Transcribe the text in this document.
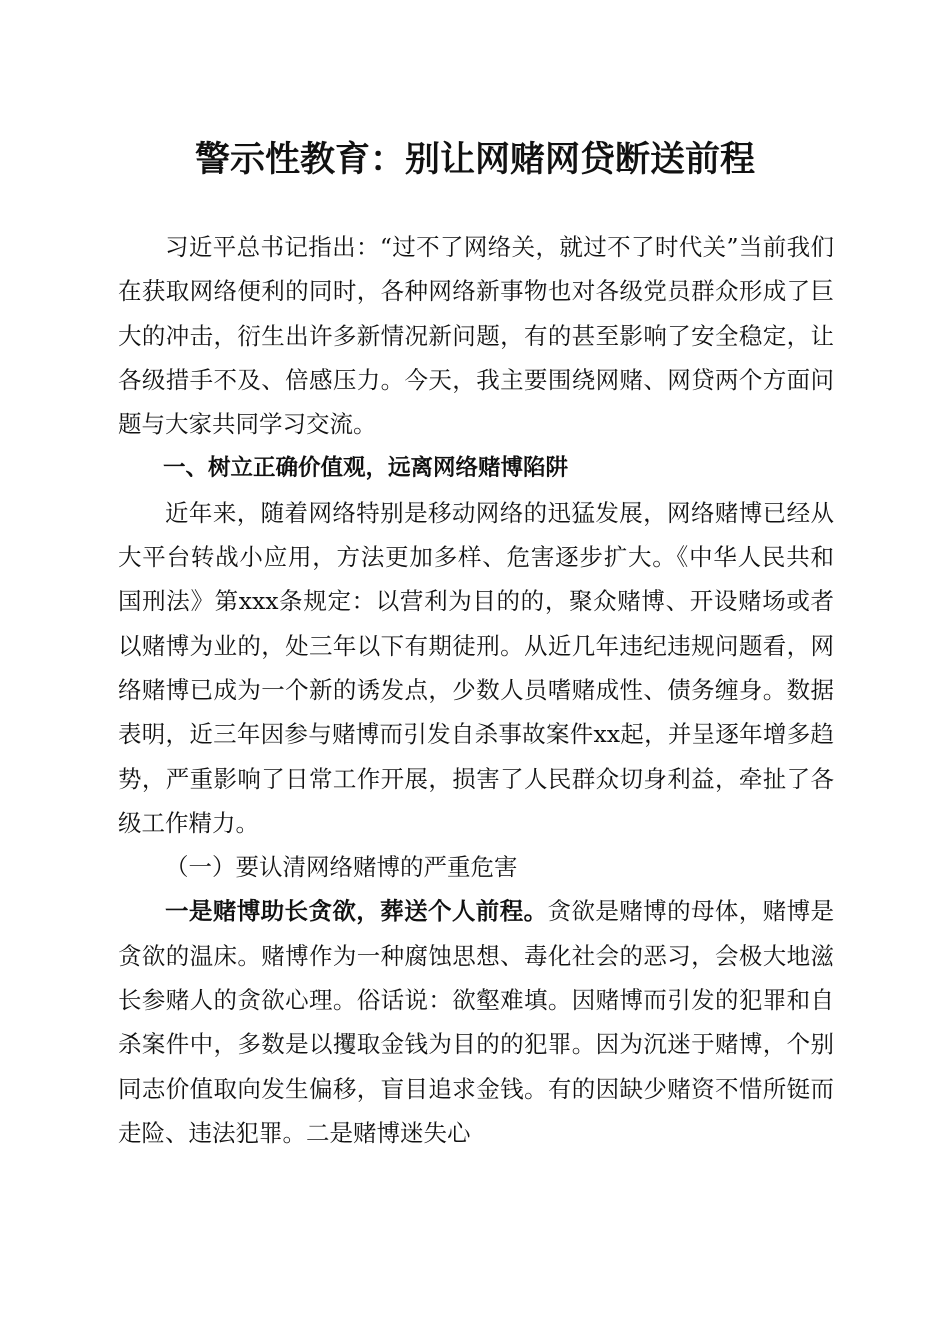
警示性教育：别让网赌网贷断送前程

习近平总书记指出：“过不了网络关，就过不了时代关”当前我们在获取网络便利的同时，各种网络新事物也对各级党员群众形成了巨大的冲击，衍生出许多新情况新问题，有的甚至影响了安全稳定，让各级措手不及、倍感压力。今天，我主要围绕网赌、网贷两个方面问题与大家共同学习交流。

一、树立正确价值观，远离网络赌博陷阱

近年来，随着网络特别是移动网络的迅猛发展，网络赌博已经从大平台转战小应用，方法更加多样、危害逐步扩大。《中华人民共和国刑法》第xxx条规定：以营利为目的的，聚众赌博、开设赌场或者以赌博为业的，处三年以下有期徒刑。从近几年违纪违规问题看，网络赌博已成为一个新的诱发点，少数人员嗜赌成性、债务缠身。数据表明，近三年因参与赌博而引发自杀事故案件xx起，并呈逐年增多趋势，严重影响了日常工作开展，损害了人民群众切身利益，牵扯了各级工作精力。

（一）要认清网络赌博的严重危害

一是赌博助长贪欲，葬送个人前程。贪欲是赌博的母体，赌博是贪欲的温床。赌博作为一种腐蚀思想、毒化社会的恶习，会极大地滋长参赌人的贪欲心理。俗话说：欲壑难填。因赌博而引发的犯罪和自杀案件中，多数是以攫取金钱为目的的犯罪。因为沉迷于赌博，个别同志价值取向发生偏移，盲目追求金钱。有的因缺少赌资不惜所铤而走险、违法犯罪。二是赌博迷失心
